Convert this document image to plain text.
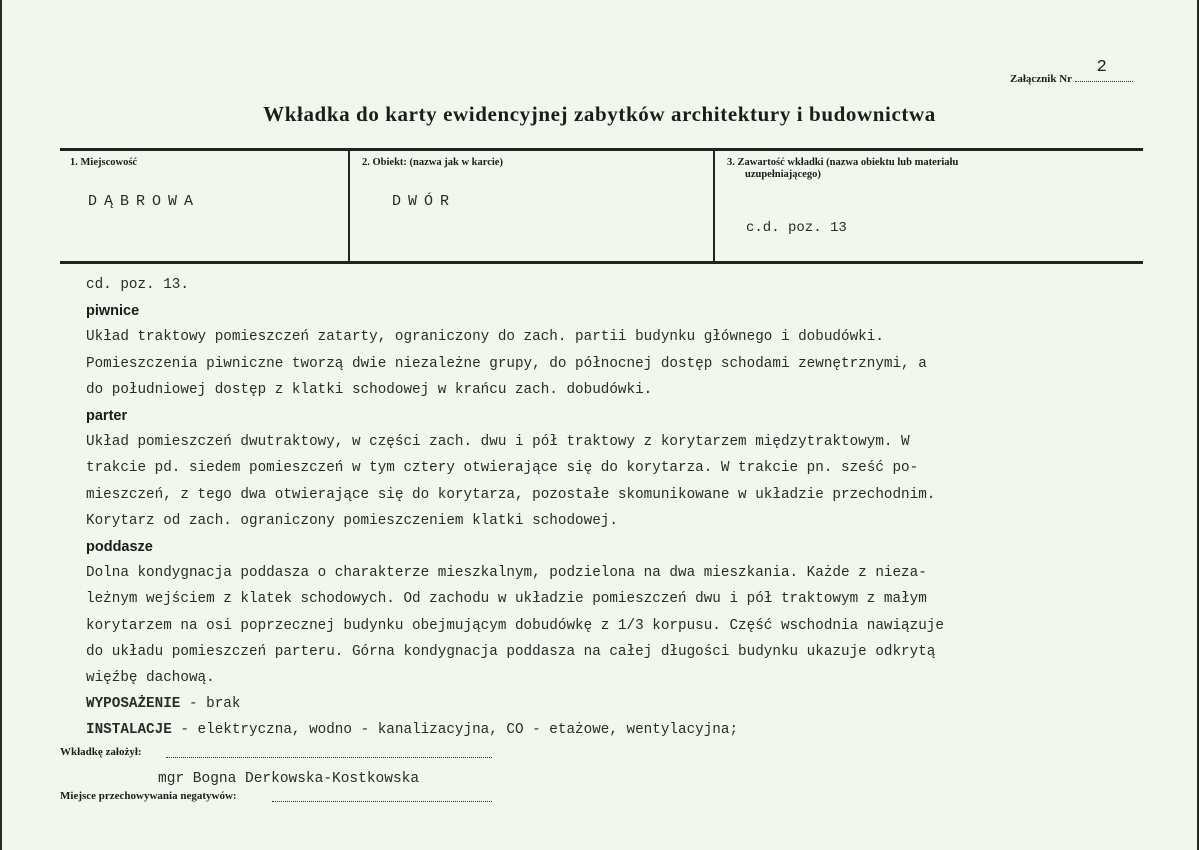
Załącznik Nr
2
Wkładka do karty ewidencyjnej zabytków architektury i budownictwa
1. Miejscowość
DĄBROWA
2. Obiekt: (nazwa jak w karcie)
DWÓR
3. Zawartość wkładki (nazwa obiektu lub materiału
uzupełniającego)
c.d. poz. 13

cd. poz. 13.

piwnice

Układ traktowy pomieszczeń zatarty, ograniczony do zach. partii budynku głównego i dobudówki.

Pomieszczenia piwniczne tworzą dwie niezależne grupy, do północnej dostęp schodami zewnętrznymi, a

do południowej dostęp z klatki schodowej w krańcu zach. dobudówki.

parter

Układ pomieszczeń dwutraktowy, w części zach. dwu i pół traktowy z korytarzem międzytraktowym. W

trakcie pd. siedem pomieszczeń w tym cztery otwierające się do korytarza. W trakcie pn. sześć po-

mieszczeń, z tego dwa otwierające się do korytarza, pozostałe skomunikowane w układzie przechodnim.

Korytarz od zach. ograniczony pomieszczeniem klatki schodowej.

poddasze

Dolna kondygnacja poddasza o charakterze mieszkalnym, podzielona na dwa mieszkania. Każde z nieza-

leżnym wejściem z klatek schodowych. Od zachodu w układzie pomieszczeń dwu i pół traktowym z małym

korytarzem na osi poprzecznej budynku obejmującym dobudówkę z 1/3 korpusu. Część wschodnia nawiązuje

do układu pomieszczeń parteru. Górna kondygnacja poddasza na całej długości budynku ukazuje odkrytą

więźbę dachową.

WYPOSAŻENIE - brak

INSTALACJE - elektryczna, wodno - kanalizacyjna, CO - etażowe, wentylacyjna;

Wkładkę założył:
mgr Bogna Derkowska-Kostkowska
Miejsce przechowywania negatywów:
